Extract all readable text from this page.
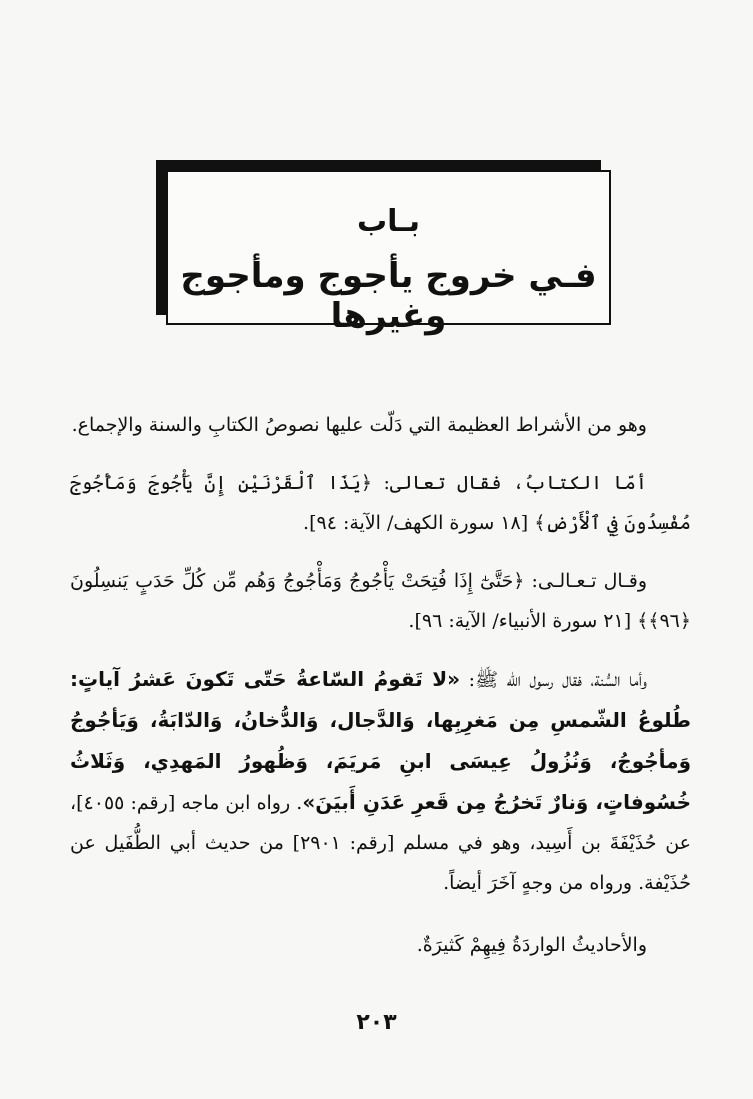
بـاب
فـي خروج يأجوج ومأجوج وغيرها

وهو من الأشراط العظيمة التي دَلّت عليها نصوصُ الكتابِ والسنة والإجماع.

أمّا الكتابُ، فقال تعالى: ﴿يَذَا ٱلْقَرْنَيْنِ إِنَّ يَأْجُوجَ وَمَأْجُوجَ مُفْسِدُونَ فِي ٱلْأَرْضِ﴾ [١٨ سورة الكهف/ الآية: ٩٤].

وقـال تـعـالـى: ﴿حَتَّىٰٓ إِذَا فُتِحَتْ يَأْجُوجُ وَمَأْجُوجُ وَهُم مِّن كُلِّ حَدَبٍ يَنسِلُونَ ﴿٩٦﴾﴾ [٢١ سورة الأنبياء/ الآية: ٩٦].

وأما السُّنة، فقال رسول الله ﷺ: «لا تَقومُ السّاعةُ حَتّى تَكونَ عَشرُ آياتٍ: طُلوعُ الشّمسِ مِن مَغرِبِها، وَالدَّجال، وَالدُّخانُ، وَالدّابَةُ، وَيَأجُوجُ وَمأجُوجُ، وَنُزُولُ عِيسَى ابنِ مَريَمَ، وَظُهورُ المَهدِي، وَثَلاثُ خُسُوفاتٍ، وَنارٌ تَخرُجُ مِن قَعرِ عَدَنِ أَبيَنَ». رواه ابن ماجه [رقم: ٤٠٥٥]، عن حُذَيْفَةَ بن أَسِيد، وهو في مسلم [رقم: ٢٩٠١] من حديث أبي الطُّفَيل عن حُذَيْفة. ورواه من وجهٍ آخَرَ أيضاً.

والأحاديثُ الواردَةُ فِيهِمْ كَثيرَةٌ.

٢٠٣
